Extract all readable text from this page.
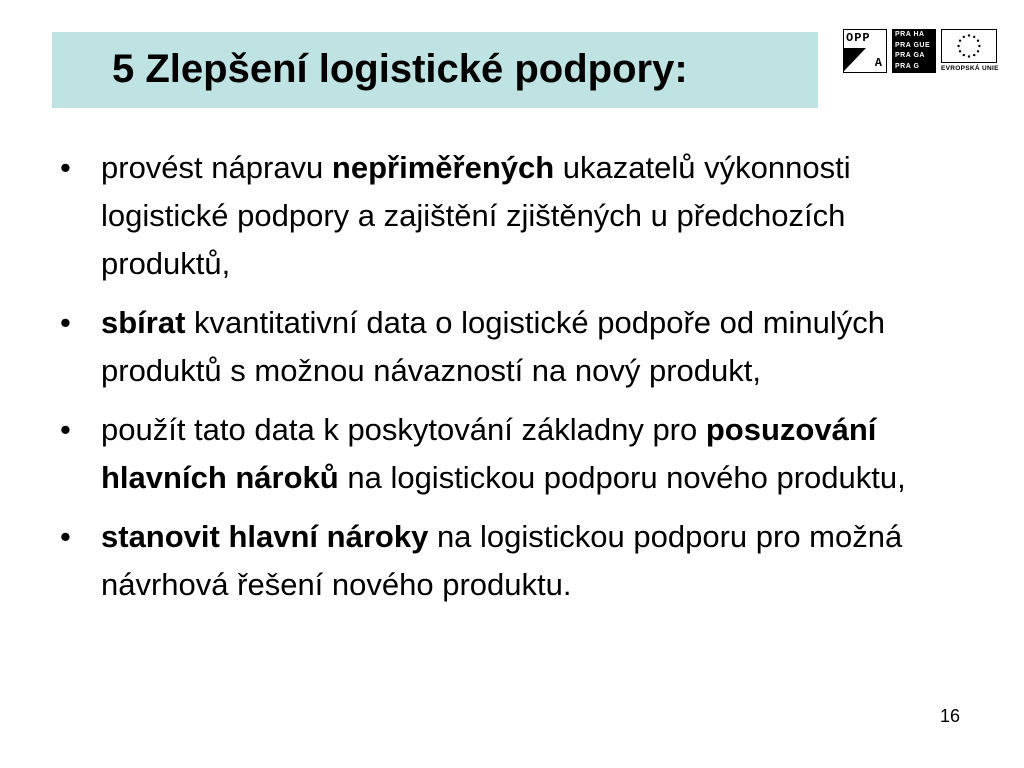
5 Zlepšení logistické podpory:
OPP
A
PRA HA
PRA GUE
PRA GA
PRA G	EVROPSKÁ UNIE
• provést nápravu nepřiměřených ukazatelů výkonnosti logistické podpory a zajištění zjištěných u předchozích produktů,
• sbírat kvantitativní data o logistické podpoře od minulých produktů s možnou návazností na nový produkt,
• použít tato data k poskytování základny pro posuzování hlavních nároků na logistickou podporu nového produktu,
• stanovit hlavní nároky na logistickou podporu pro možná návrhová řešení nového produktu.
16
